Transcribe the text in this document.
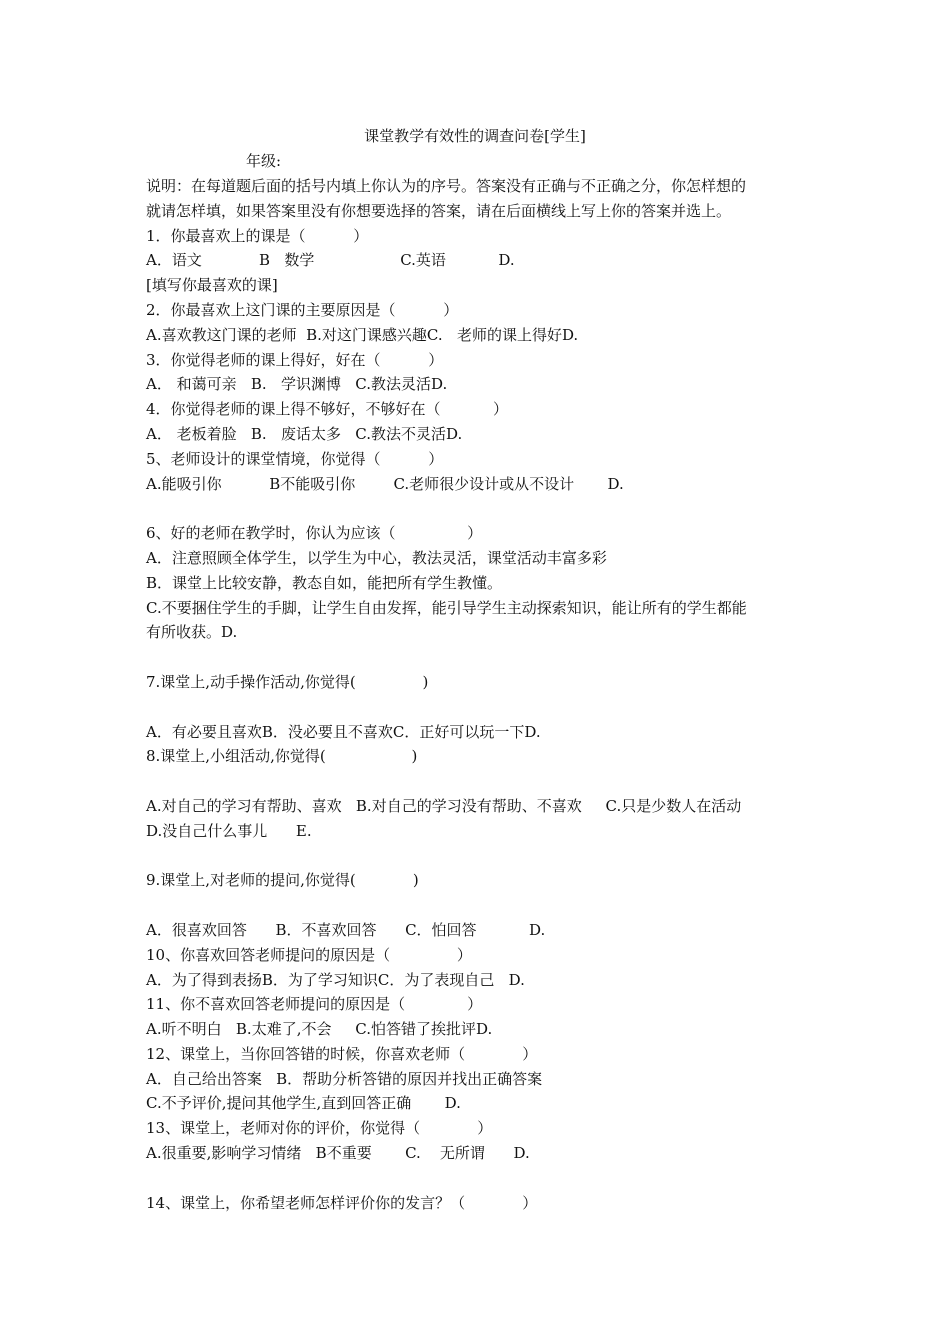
课堂教学有效性的调查问卷[学生]
年级:
说明：在每道题后面的括号内填上你认为的序号。答案没有正确与不正确之分，你怎样想的
就请怎样填，如果答案里没有你想要选择的答案，请在后面横线上写上你的答案并选上。
1．你最喜欢上的课是（          ）
A．语文            B   数学                  C.英语           D.
[填写你最喜欢的课]
2．你最喜欢上这门课的主要原因是（          ）
A.喜欢教这门课的老师  B.对这门课感兴趣C.   老师的课上得好D.
3．你觉得老师的课上得好，好在（          ）
A． 和蔼可亲   B.   学识渊博   C.教法灵活D.
4．你觉得老师的课上得不够好，不够好在（           ）
A． 老板着脸   B.   废话太多   C.教法不灵活D.
5、老师设计的课堂情境，你觉得（          ）
A.能吸引你          B不能吸引你        C.老师很少设计或从不设计       D.
6、好的老师在教学时，你认为应该（               ）
A．注意照顾全体学生，以学生为中心，教法灵活，课堂活动丰富多彩
B．课堂上比较安静，教态自如，能把所有学生教懂。
C.不要捆住学生的手脚，让学生自由发挥，能引导学生主动探索知识，能让所有的学生都能
有所收获。D.
7.课堂上,动手操作活动,你觉得(              )
A．有必要且喜欢B．没必要且不喜欢C．正好可以玩一下D.
8.课堂上,小组活动,你觉得(                  )
A.对自己的学习有帮助、喜欢   B.对自己的学习没有帮助、不喜欢     C.只是少数人在活动
D.没自己什么事儿      E.
9.课堂上,对老师的提问,你觉得(            )
A．很喜欢回答      B．不喜欢回答      C．怕回答           D.
10、你喜欢回答老师提问的原因是（              ）
A．为了得到表扬B．为了学习知识C．为了表现自己   D.
11、你不喜欢回答老师提问的原因是（             ）
A.听不明白   B.太难了,不会     C.怕答错了挨批评D.
12、课堂上，当你回答错的时候，你喜欢老师（            ）
A．自己给出答案   B．帮助分析答错的原因并找出正确答案
C.不予评价,提问其他学生,直到回答正确       D.
13、课堂上，老师对你的评价，你觉得（            ）
A.很重要,影响学习情绪   B不重要       C.    无所谓      D.
14、课堂上，你希望老师怎样评价你的发言？（            ）
